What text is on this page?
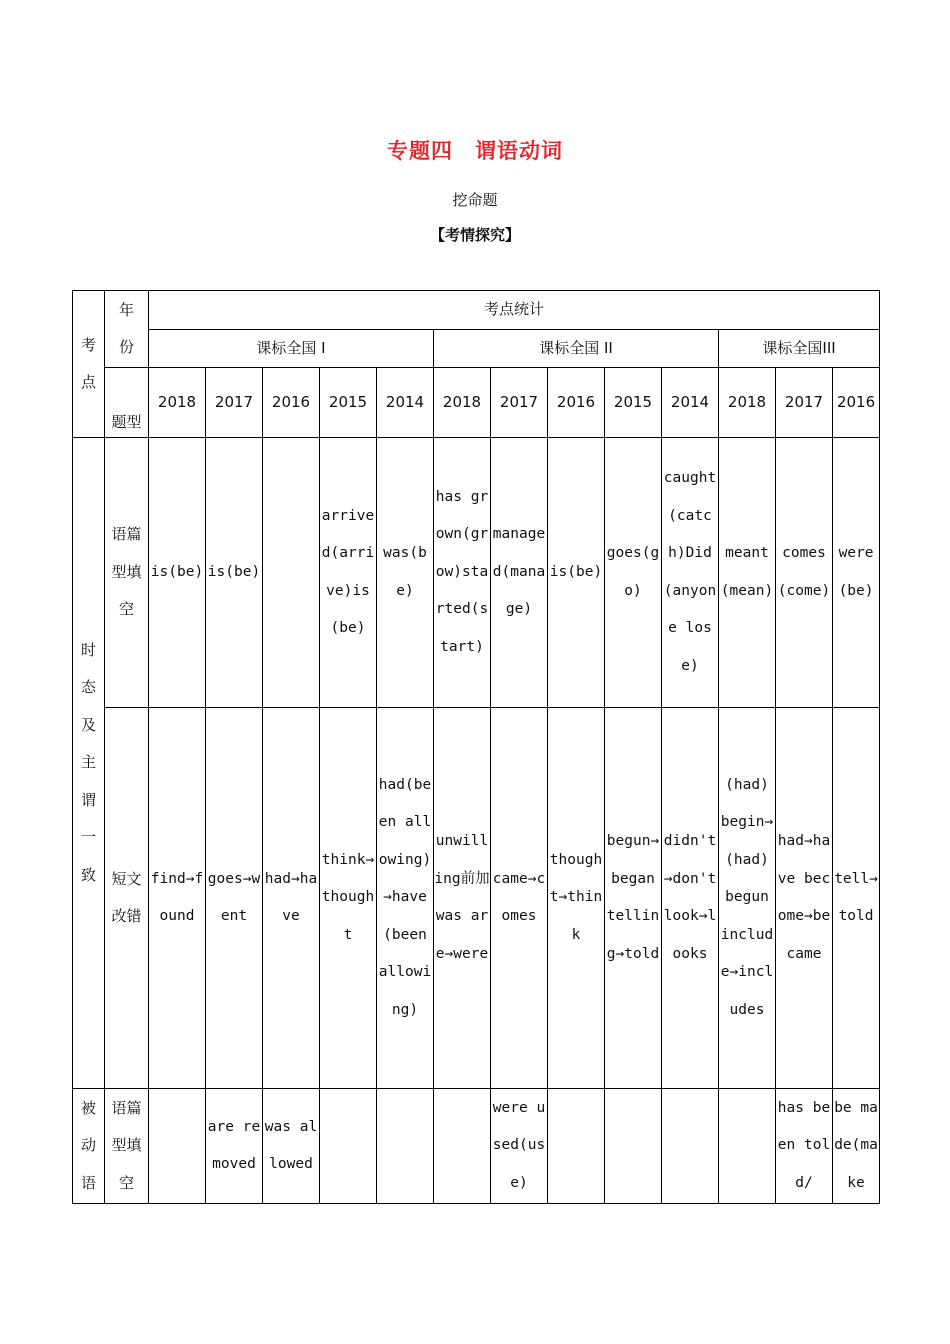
专题四　谓语动词
挖命题
【考情探究】
考点	年份	考点统计												
		课标全国 I					课标全国 II					课标全国III		
	题型	2018	2017	2016	2015	2014	2018	2017	2016	2015	2014	2018	2017	2016

时态及主谓一致	语篇型填空	is(be)	is(be)		arrived(arrive)is(be)	was(be)	has grown(grow)started(start)	managed(manage)	is(be)	goes(go)	caught(catch)Did(anyone lose)	meant(mean)	comes(come)	were(be)

	短文改错	find→found	goes→went	had→have	think→thought	had(been allowing)→have(been allowing)	unwilling前加was are→were	came→comes	thought→think	begun→began telling→told	didn't→don't look→looks	(had) begin→(had) begun include→includes	had→have become→became	tell→told

被动语	语篇型填空		are removed	was allowed				were used(use)					has been told/	be made(make
